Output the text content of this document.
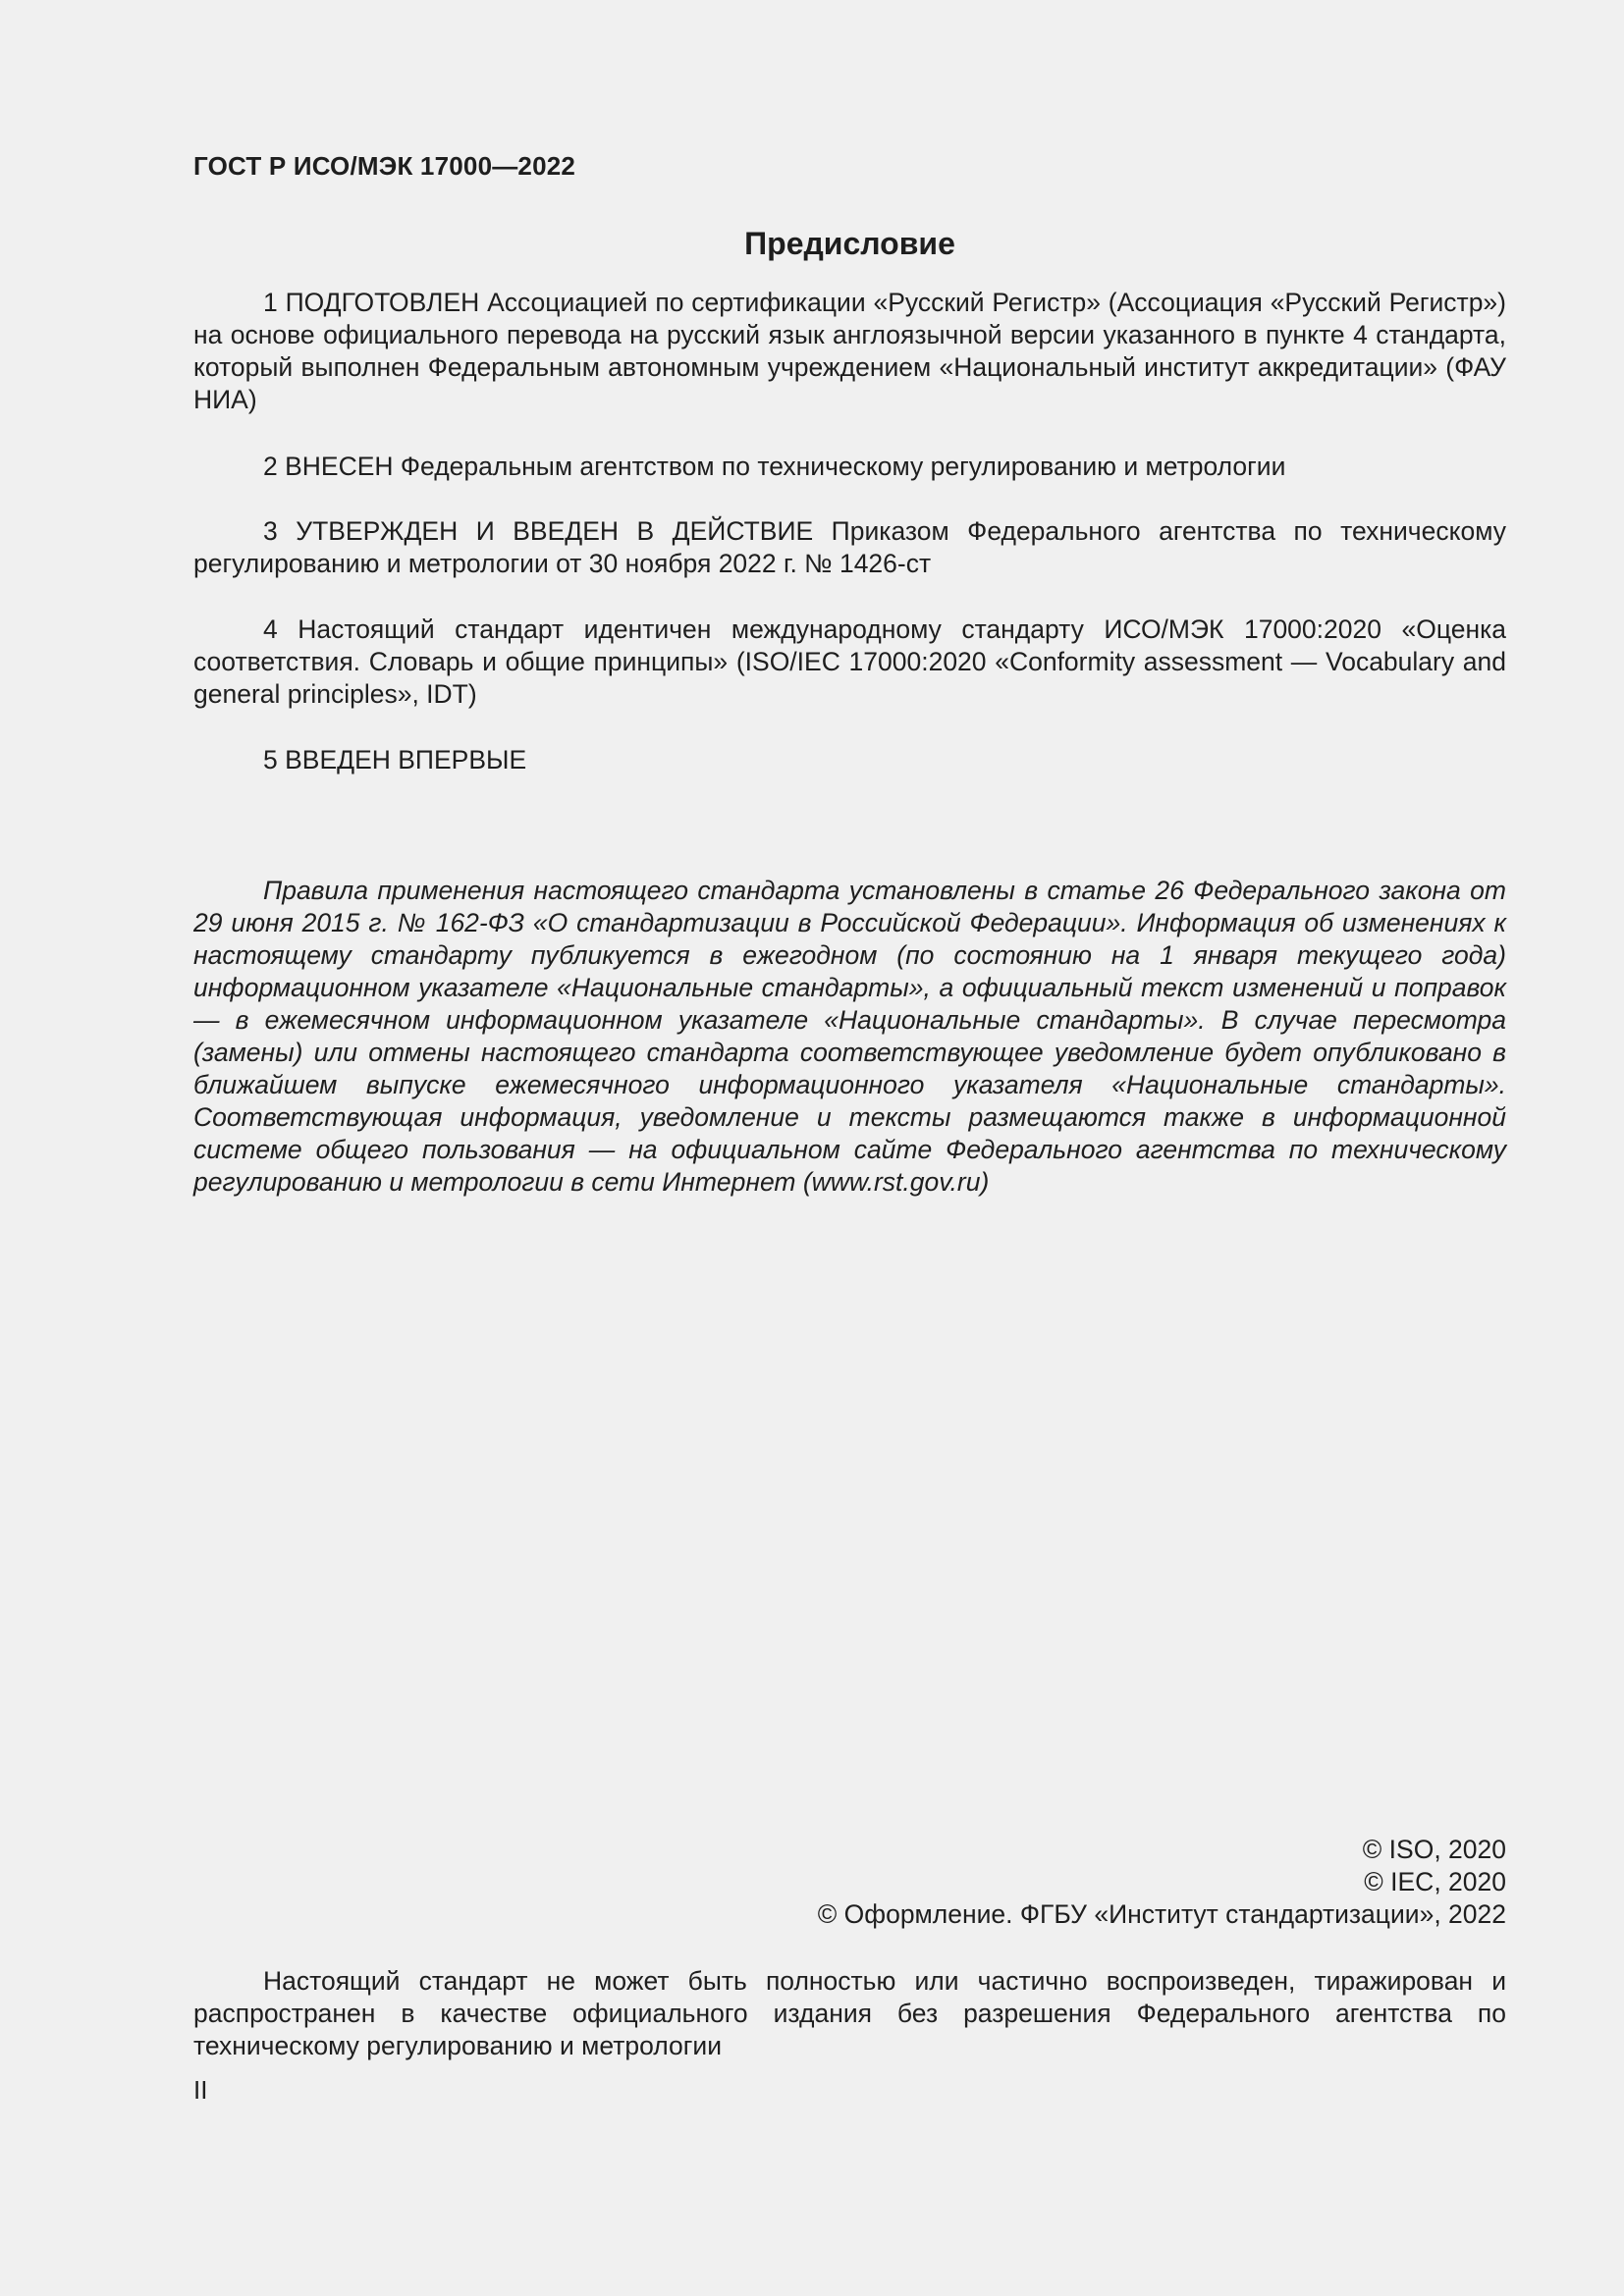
ГОСТ Р ИСО/МЭК 17000—2022
Предисловие
1 ПОДГОТОВЛЕН Ассоциацией по сертификации «Русский Регистр» (Ассоциация «Русский Регистр») на основе официального перевода на русский язык англоязычной версии указанного в пункте 4 стандарта, который выполнен Федеральным автономным учреждением «Национальный институт аккредитации» (ФАУ НИА)
2 ВНЕСЕН Федеральным агентством по техническому регулированию и метрологии
3 УТВЕРЖДЕН И ВВЕДЕН В ДЕЙСТВИЕ Приказом Федерального агентства по техническому регулированию и метрологии от 30 ноября 2022 г. № 1426-ст
4 Настоящий стандарт идентичен международному стандарту ИСО/МЭК 17000:2020 «Оценка соответствия. Словарь и общие принципы» (ISO/IEC 17000:2020 «Conformity assessment — Vocabulary and general principles», IDT)
5 ВВЕДЕН ВПЕРВЫЕ
Правила применения настоящего стандарта установлены в статье 26 Федерального закона от 29 июня 2015 г. № 162-ФЗ «О стандартизации в Российской Федерации». Информация об изменениях к настоящему стандарту публикуется в ежегодном (по состоянию на 1 января текущего года) информационном указателе «Национальные стандарты», а официальный текст изменений и поправок — в ежемесячном информационном указателе «Национальные стандарты». В случае пересмотра (замены) или отмены настоящего стандарта соответствующее уведомление будет опубликовано в ближайшем выпуске ежемесячного информационного указателя «Национальные стандарты». Соответствующая информация, уведомление и тексты размещаются также в информационной системе общего пользования — на официальном сайте Федерального агентства по техническому регулированию и метрологии в сети Интернет (www.rst.gov.ru)
© ISO, 2020
© IEC, 2020
© Оформление. ФГБУ «Институт стандартизации», 2022
Настоящий стандарт не может быть полностью или частично воспроизведен, тиражирован и распространен в качестве официального издания без разрешения Федерального агентства по техническому регулированию и метрологии
II
